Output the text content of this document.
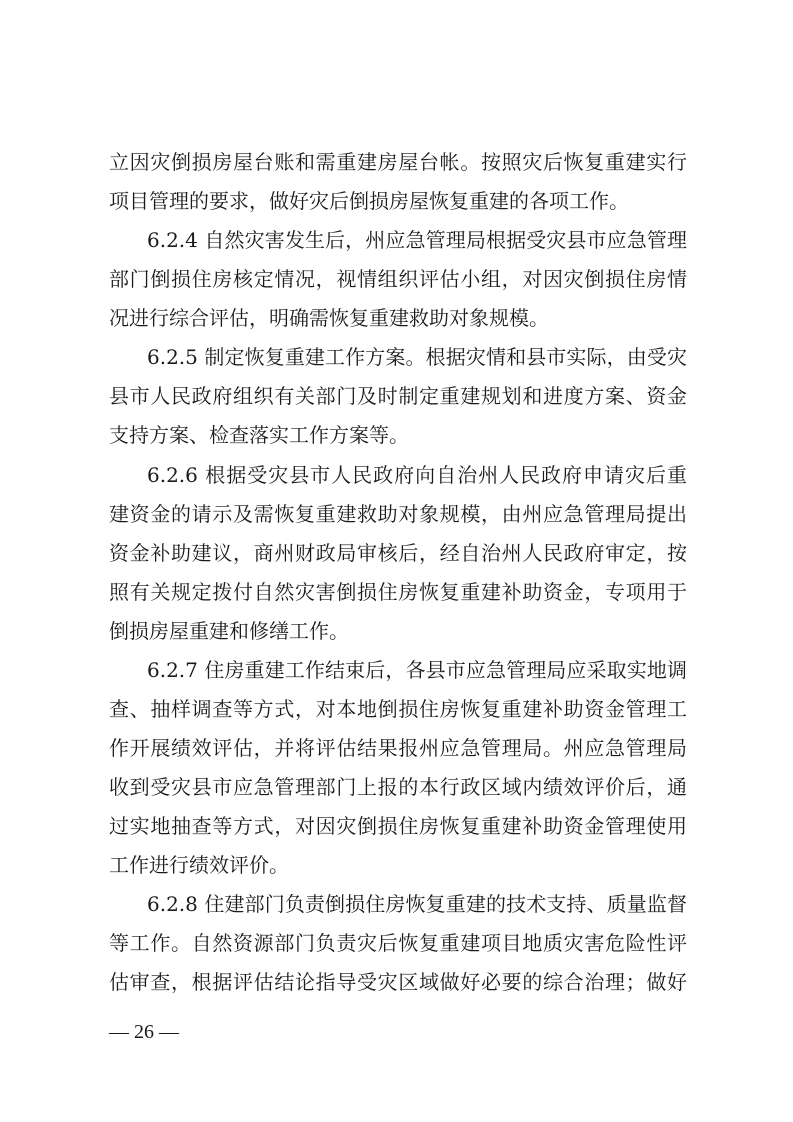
立因灾倒损房屋台账和需重建房屋台帐。按照灾后恢复重建实行
项目管理的要求，做好灾后倒损房屋恢复重建的各项工作。
6.2.4 自然灾害发生后，州应急管理局根据受灾县市应急管理
部门倒损住房核定情况，视情组织评估小组，对因灾倒损住房情
况进行综合评估，明确需恢复重建救助对象规模。
6.2.5 制定恢复重建工作方案。根据灾情和县市实际，由受灾
县市人民政府组织有关部门及时制定重建规划和进度方案、资金
支持方案、检查落实工作方案等。
6.2.6 根据受灾县市人民政府向自治州人民政府申请灾后重
建资金的请示及需恢复重建救助对象规模，由州应急管理局提出
资金补助建议，商州财政局审核后，经自治州人民政府审定，按
照有关规定拨付自然灾害倒损住房恢复重建补助资金，专项用于
倒损房屋重建和修缮工作。
6.2.7 住房重建工作结束后，各县市应急管理局应采取实地调
查、抽样调查等方式，对本地倒损住房恢复重建补助资金管理工
作开展绩效评估，并将评估结果报州应急管理局。州应急管理局
收到受灾县市应急管理部门上报的本行政区域内绩效评价后，通
过实地抽查等方式，对因灾倒损住房恢复重建补助资金管理使用
工作进行绩效评价。
6.2.8 住建部门负责倒损住房恢复重建的技术支持、质量监督
等工作。自然资源部门负责灾后恢复重建项目地质灾害危险性评
估审查，根据评估结论指导受灾区域做好必要的综合治理；做好
— 26 —
